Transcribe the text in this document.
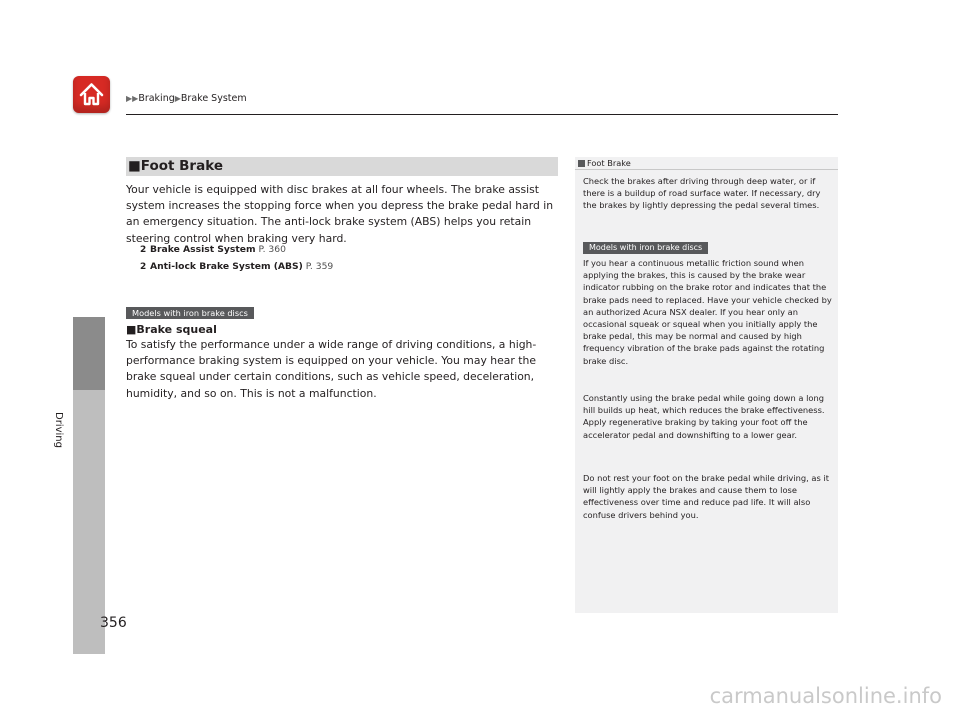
▶▶Braking▶Brake System
Driving
356
■Foot Brake
Your vehicle is equipped with disc brakes at all four wheels. The brake assist system increases the stopping force when you depress the brake pedal hard in an emergency situation. The anti-lock brake system (ABS) helps you retain steering control when braking very hard.
2 Brake Assist System P. 360
2 Anti-lock Brake System (ABS) P. 359
Models with iron brake discs
■Brake squeal
To satisfy the performance under a wide range of driving conditions, a high-performance braking system is equipped on your vehicle. You may hear the brake squeal under certain conditions, such as vehicle speed, deceleration, humidity, and so on. This is not a malfunction.
Foot Brake
Check the brakes after driving through deep water, or if there is a buildup of road surface water. If necessary, dry the brakes by lightly depressing the pedal several times.
Models with iron brake discs
If you hear a continuous metallic friction sound when applying the brakes, this is caused by the brake wear indicator rubbing on the brake rotor and indicates that the brake pads need to replaced. Have your vehicle checked by an authorized Acura NSX dealer. If you hear only an occasional squeak or squeal when you initially apply the brake pedal, this may be normal and caused by high frequency vibration of the brake pads against the rotating brake disc.
Constantly using the brake pedal while going down a long hill builds up heat, which reduces the brake effectiveness. Apply regenerative braking by taking your foot off the accelerator pedal and downshifting to a lower gear.
Do not rest your foot on the brake pedal while driving, as it will lightly apply the brakes and cause them to lose effectiveness over time and reduce pad life. It will also confuse drivers behind you.
carmanualsonline.info
